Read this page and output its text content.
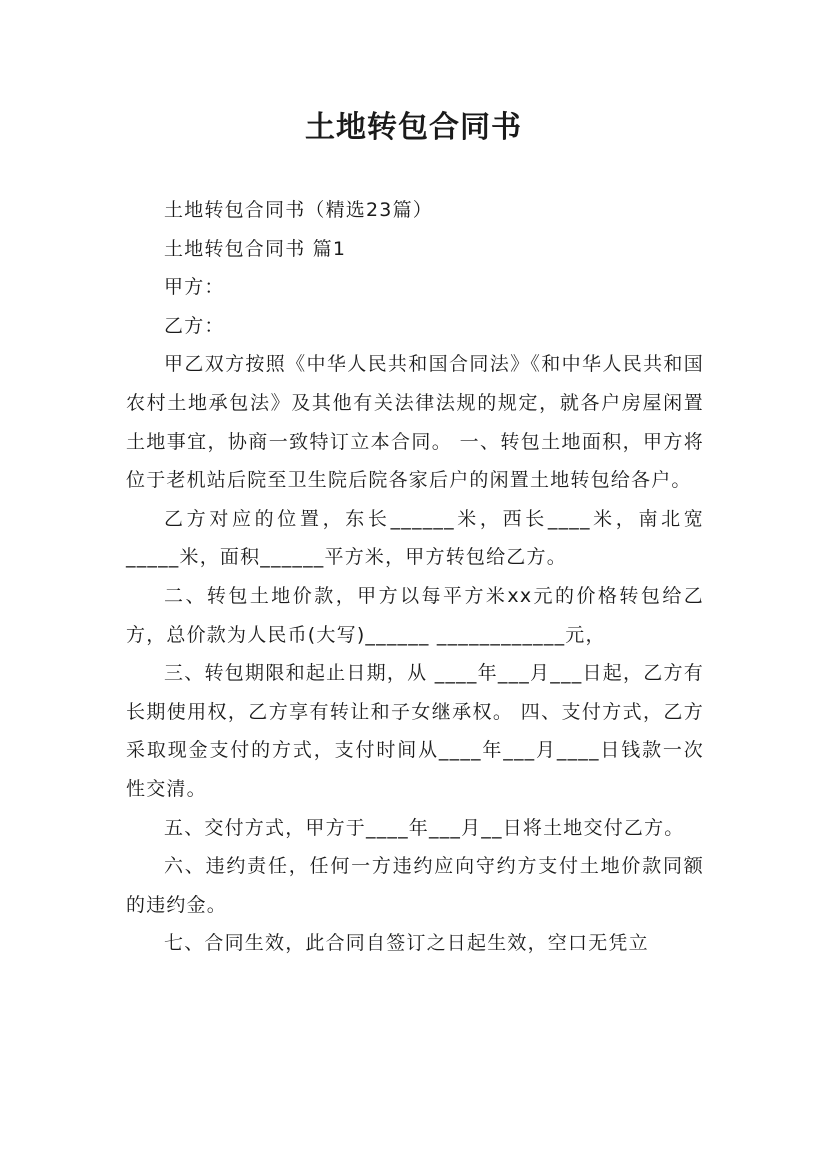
土地转包合同书

土地转包合同书（精选23篇）

土地转包合同书 篇1

甲方：

乙方：

甲乙双方按照《中华人民共和国合同法》《和中华人民共和国农村土地承包法》及其他有关法律法规的规定，就各户房屋闲置土地事宜，协商一致特订立本合同。 一、转包土地面积，甲方将位于老机站后院至卫生院后院各家后户的闲置土地转包给各户。

乙方对应的位置，东长______米，西长____米，南北宽_____米，面积______平方米，甲方转包给乙方。

二、转包土地价款，甲方以每平方米xx元的价格转包给乙方，总价款为人民币(大写)______ ____________元，

三、转包期限和起止日期，从 ____年___月___日起，乙方有长期使用权，乙方享有转让和子女继承权。 四、支付方式，乙方采取现金支付的方式，支付时间从____年___月____日钱款一次性交清。

五、交付方式，甲方于____年___月__日将土地交付乙方。

六、违约责任，任何一方违约应向守约方支付土地价款同额的违约金。

七、合同生效，此合同自签订之日起生效，空口无凭立
